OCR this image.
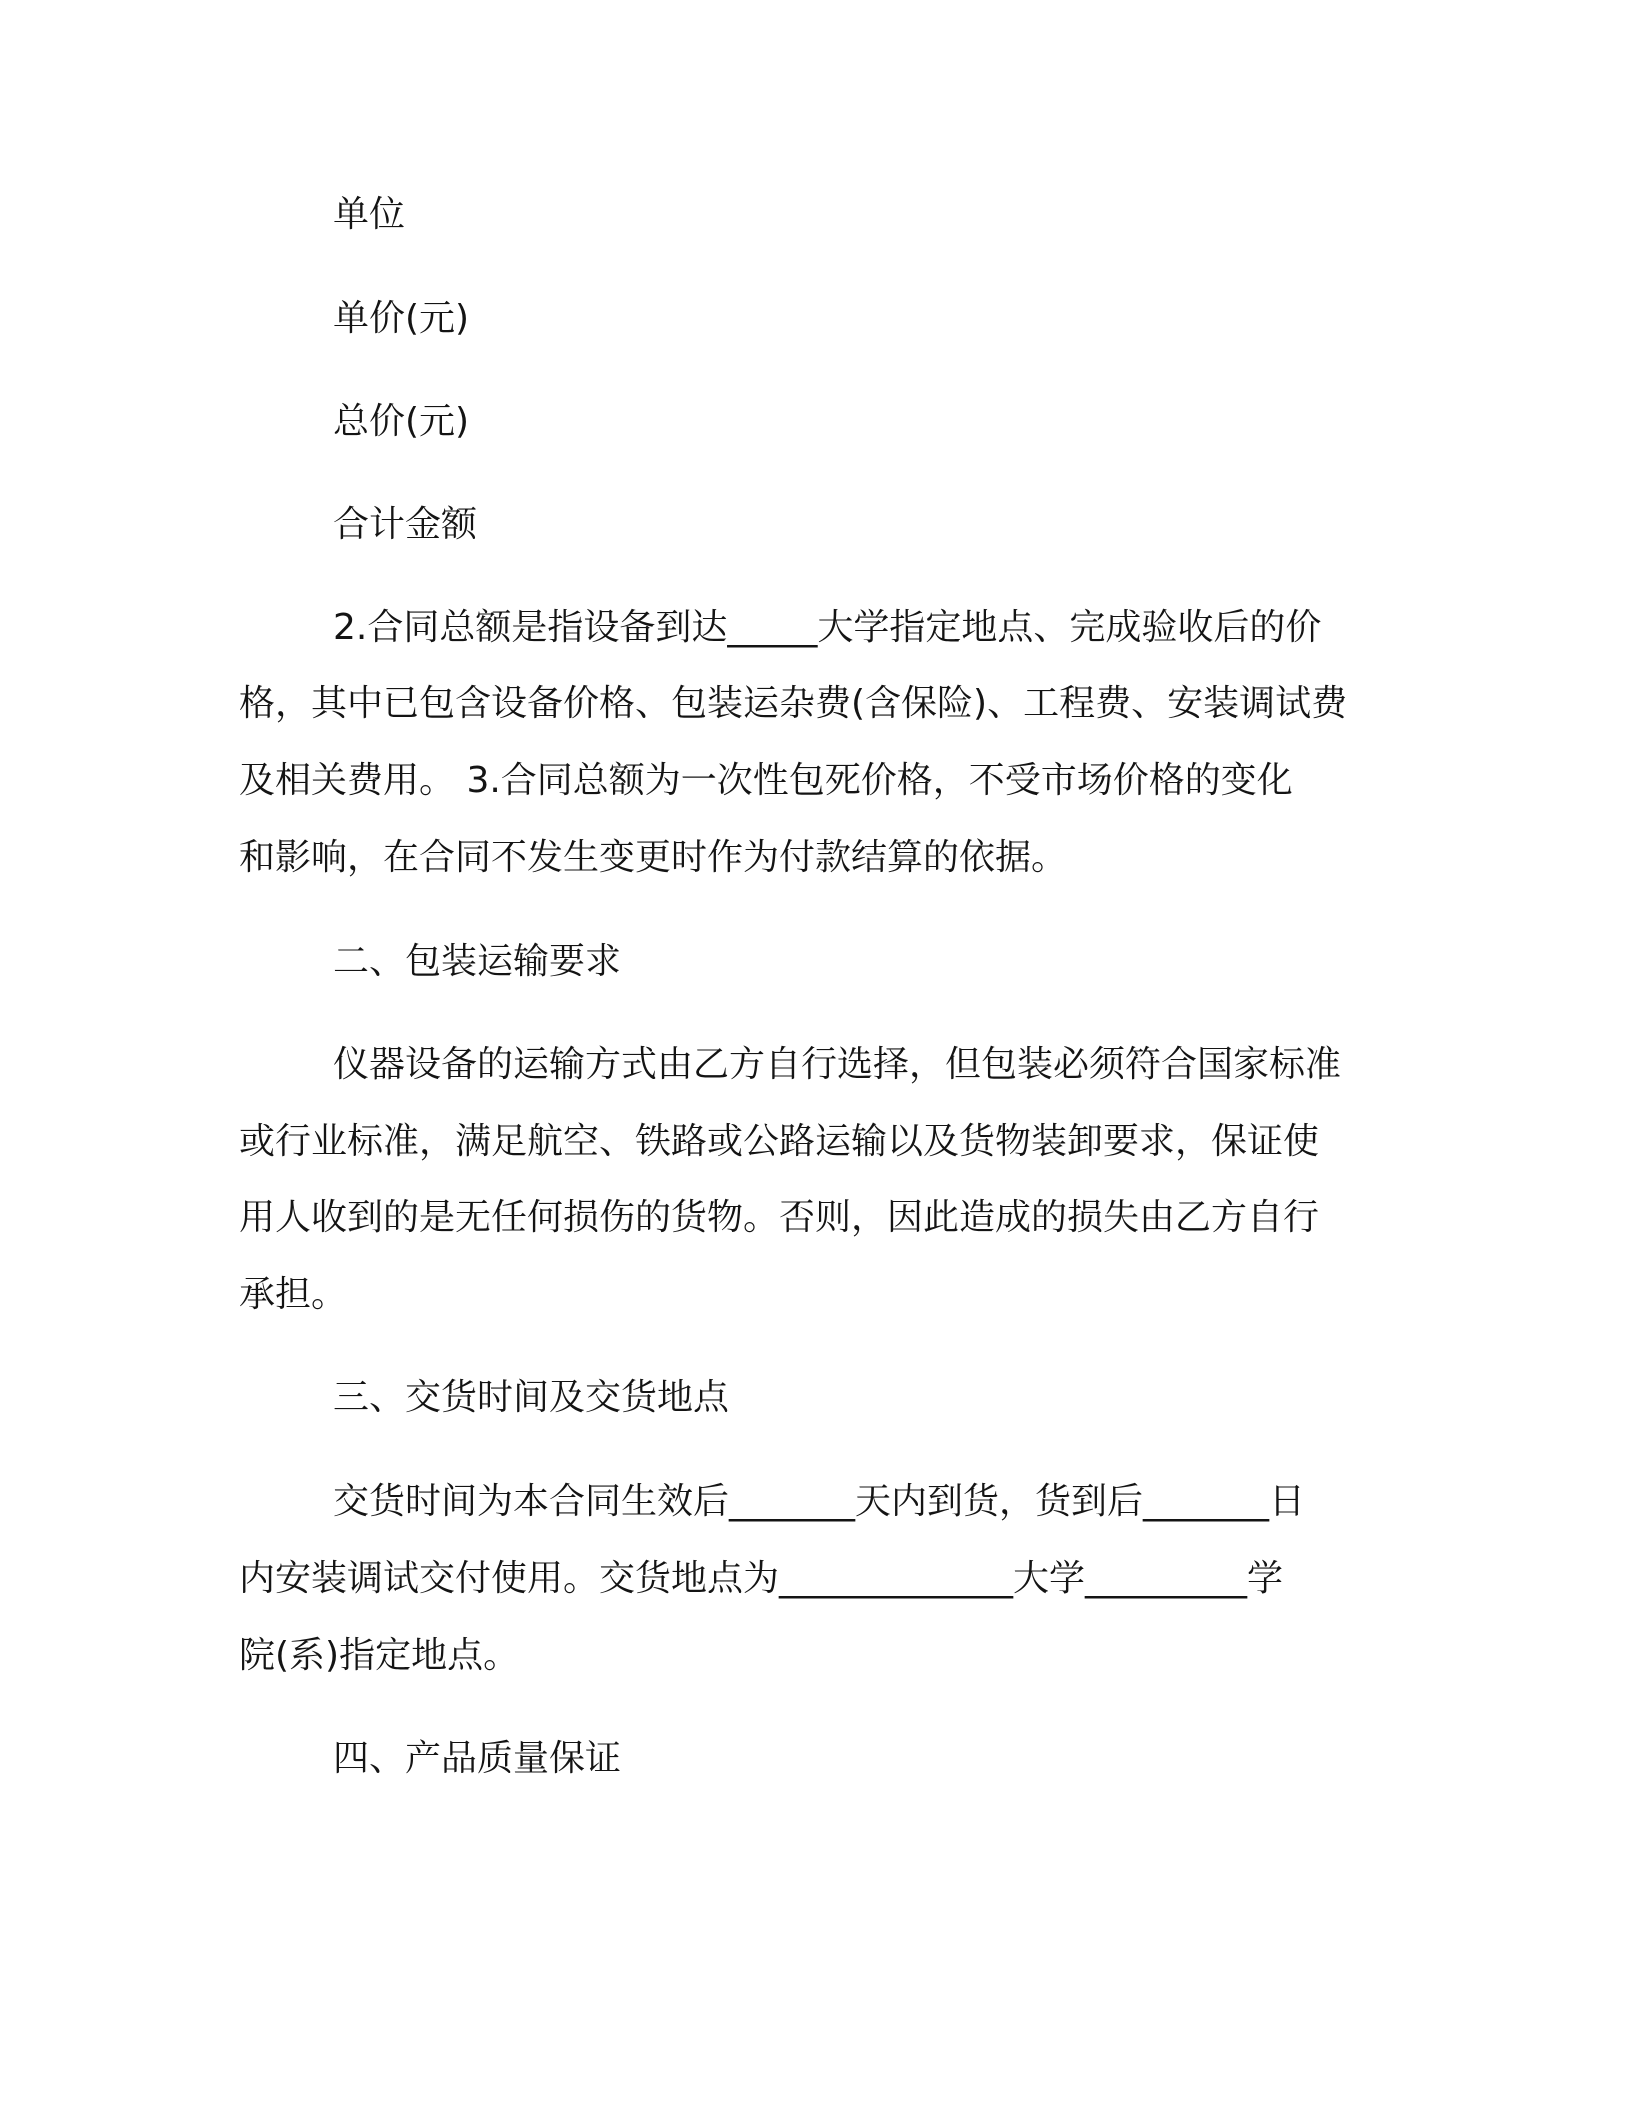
单位

单价(元)

总价(元)

合计金额

2.合同总额是指设备到达_____大学指定地点、完成验收后的价

格，其中已包含设备价格、包装运杂费(含保险)、工程费、安装调试费

及相关费用。 3.合同总额为一次性包死价格，不受市场价格的变化

和影响，在合同不发生变更时作为付款结算的依据。

二、包装运输要求

仪器设备的运输方式由乙方自行选择，但包装必须符合国家标准

或行业标准，满足航空、铁路或公路运输以及货物装卸要求，保证使

用人收到的是无任何损伤的货物。否则，因此造成的损失由乙方自行

承担。

三、交货时间及交货地点

交货时间为本合同生效后_______天内到货，货到后_______日

内安装调试交付使用。交货地点为_____________大学_________学

院(系)指定地点。

四、产品质量保证
